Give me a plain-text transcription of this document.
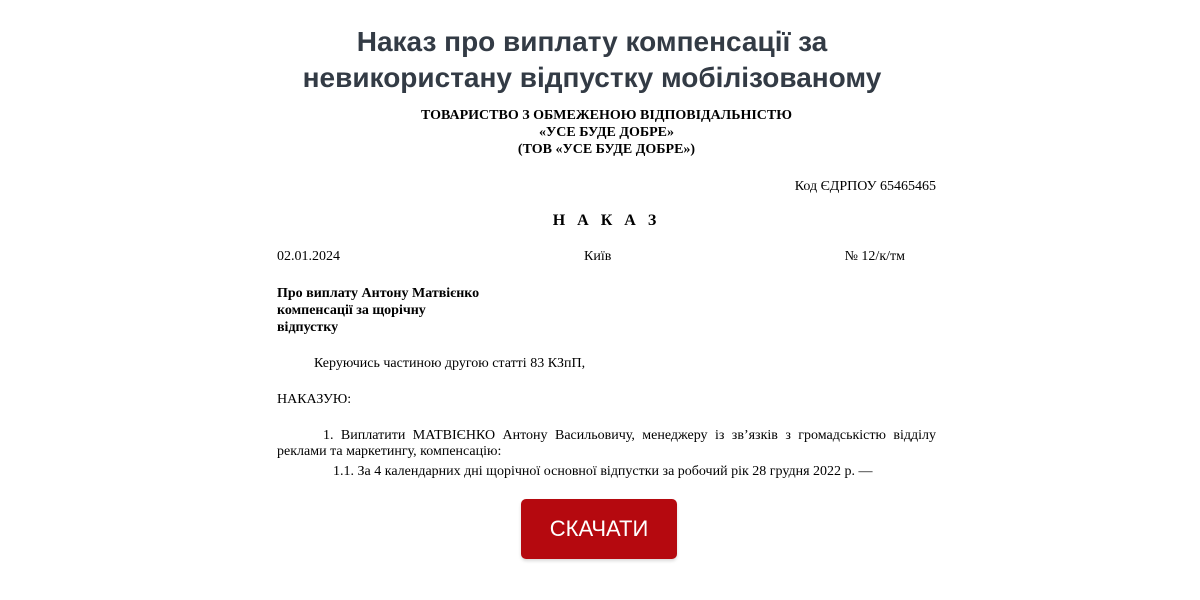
Наказ про виплату компенсації за
невикористану відпустку мобілізованому
ТОВАРИСТВО З ОБМЕЖЕНОЮ ВІДПОВІДАЛЬНІСТЮ
«УСЕ БУДЕ ДОБРЕ»
(ТОВ «УСЕ БУДЕ ДОБРЕ»)
Код ЄДРПОУ 65465465
Н А К А З
02.01.2024	Київ	№ 12/к/тм
Про виплату Антону Матвієнко
компенсації за щорічну
відпустку
Керуючись частиною другою статті 83 КЗпП,
НАКАЗУЮ:
1. Виплатити МАТВІЄНКО Антону Васильовичу, менеджеру із зв’язків з громадськістю відділу реклами та маркетингу, компенсацію:
1.1. За 4 календарних дні щорічної основної відпустки за робочий рік 28 грудня 2022 р. —
СКАЧАТИ
